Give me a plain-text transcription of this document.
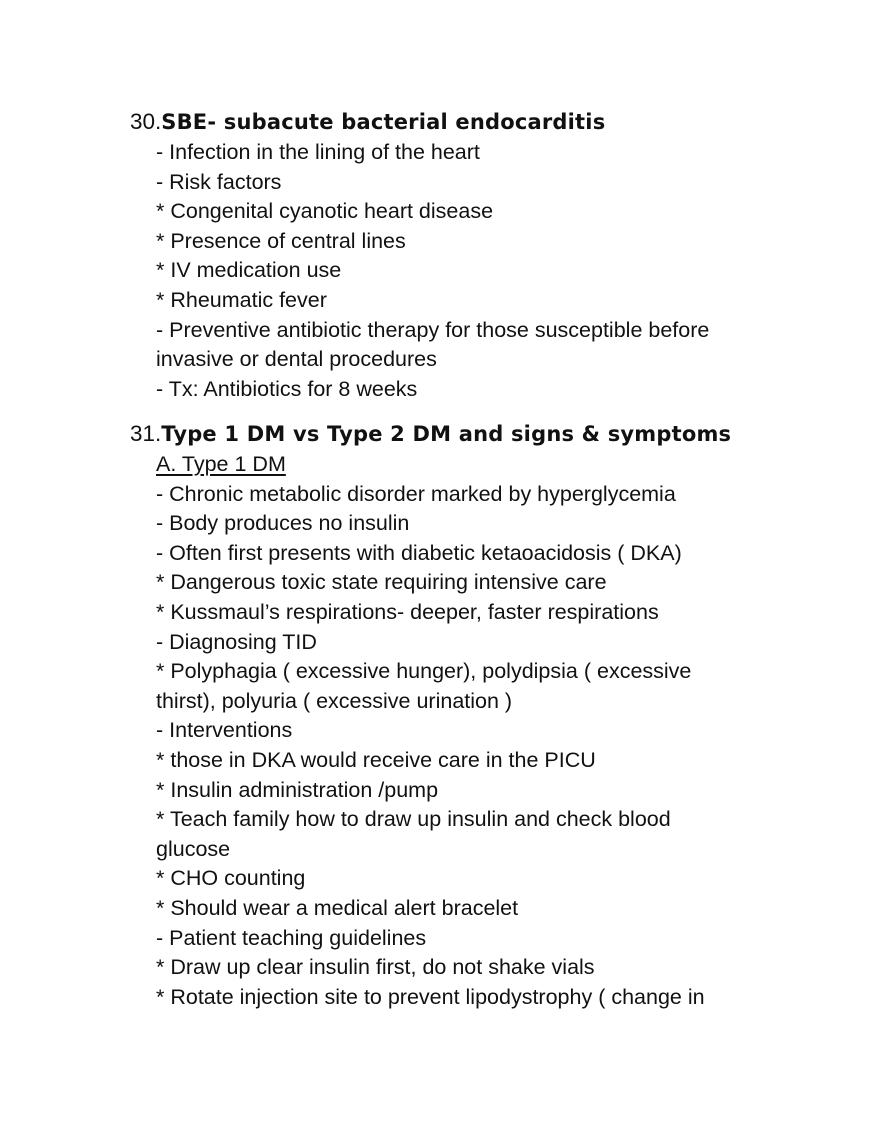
30.SBE- subacute bacterial endocarditis
- Infection in the lining of the heart
- Risk factors
* Congenital cyanotic heart disease
* Presence of central lines
* IV medication use
* Rheumatic fever
- Preventive antibiotic therapy for those susceptible before
invasive or dental procedures
- Tx: Antibiotics for 8 weeks
31.Type 1 DM vs Type 2 DM and signs & symptoms
A. Type 1 DM
- Chronic metabolic disorder marked by hyperglycemia
- Body produces no insulin
- Often first presents with diabetic ketaoacidosis ( DKA)
* Dangerous toxic state requiring intensive care
* Kussmaul’s respirations- deeper, faster respirations
- Diagnosing TID
* Polyphagia ( excessive hunger), polydipsia ( excessive
thirst), polyuria ( excessive urination )
- Interventions
* those in DKA would receive care in the PICU
* Insulin administration /pump
* Teach family how to draw up insulin and check blood
glucose
* CHO counting
* Should wear a medical alert bracelet
- Patient teaching guidelines
* Draw up clear insulin first, do not shake vials
* Rotate injection site to prevent lipodystrophy ( change in
